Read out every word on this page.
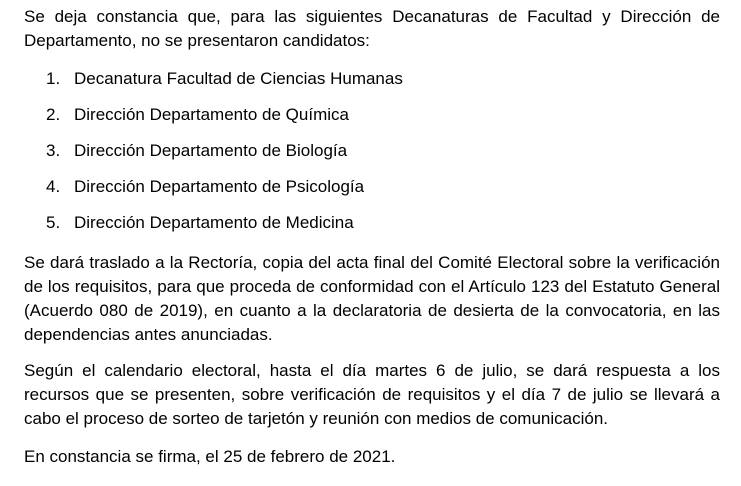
Se deja constancia que, para las siguientes Decanaturas de Facultad y Dirección de Departamento, no se presentaron candidatos:

1. Decanatura Facultad de Ciencias Humanas
2. Dirección Departamento de Química
3. Dirección Departamento de Biología
4. Dirección Departamento de Psicología
5. Dirección Departamento de Medicina

Se dará traslado a la Rectoría, copia del acta final del Comité Electoral sobre la verificación de los requisitos, para que proceda de conformidad con el Artículo 123 del Estatuto General (Acuerdo 080 de 2019), en cuanto a la declaratoria de desierta de la convocatoria, en las dependencias antes anunciadas.

Según el calendario electoral, hasta el día martes 6 de julio, se dará respuesta a los recursos que se presenten, sobre verificación de requisitos y el día 7 de julio se llevará a cabo el proceso de sorteo de tarjetón y reunión con medios de comunicación.

En constancia se firma, el 25 de febrero de 2021.
